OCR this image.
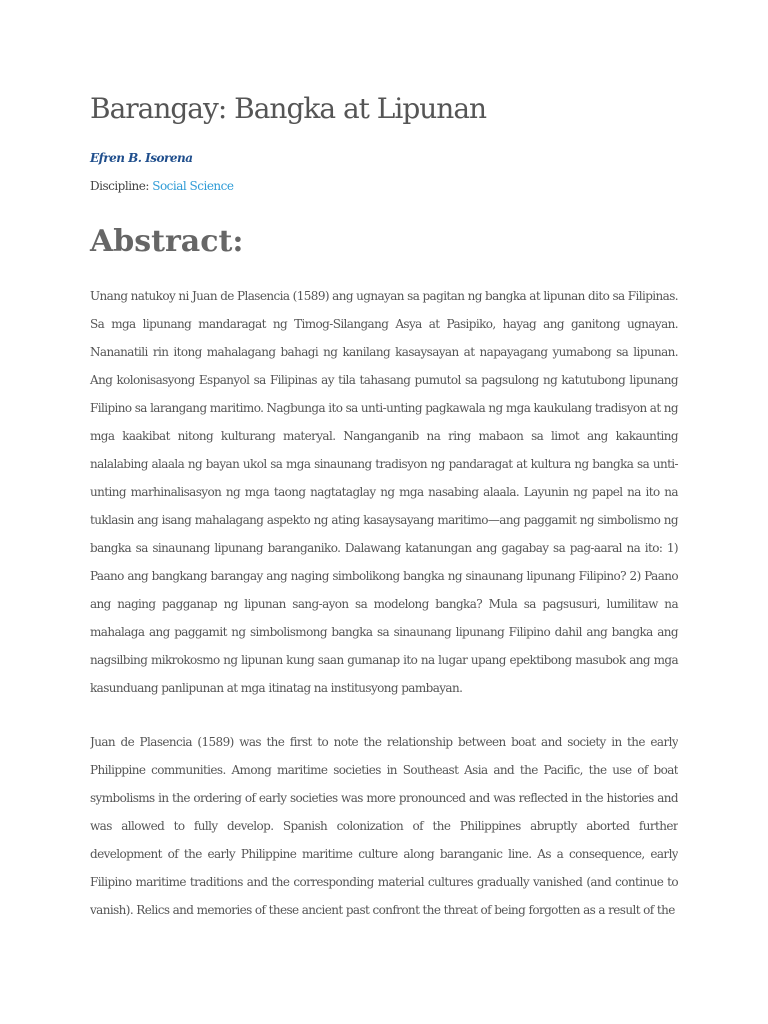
Barangay: Bangka at Lipunan
Efren B. Isorena
Discipline: Social Science
Abstract:

Unang natukoy ni Juan de Plasencia (1589) ang ugnayan sa pagitan ng bangka at lipunan dito sa Filipinas. Sa mga lipunang mandaragat ng Timog-Silangang Asya at Pasipiko, hayag ang ganitong ugnayan. Nananatili rin itong mahalagang bahagi ng kanilang kasaysayan at napayagang yumabong sa lipunan. Ang kolonisasyong Espanyol sa Filipinas ay tila tahasang pumutol sa pagsulong ng katutubong lipunang Filipino sa larangang maritimo. Nagbunga ito sa unti-unting pagkawala ng mga kaukulang tradisyon at ng mga kaakibat nitong kulturang materyal. Nanganganib na ring mabaon sa limot ang kakaunting nalalabing alaala ng bayan ukol sa mga sinaunang tradisyon ng pandaragat at kultura ng bangka sa unti-unting marhinalisasyon ng mga taong nagtataglay ng mga nasabing alaala. Layunin ng papel na ito na tuklasin ang isang mahalagang aspekto ng ating kasaysayang maritimo—ang paggamit ng simbolismo ng bangka sa sinaunang lipunang baranganiko. Dalawang katanungan ang gagabay sa pag-aaral na ito: 1) Paano ang bangkang barangay ang naging simbolikong bangka ng sinaunang lipunang Filipino? 2) Paano ang naging pagganap ng lipunan sang-ayon sa modelong bangka? Mula sa pagsusuri, lumilitaw na mahalaga ang paggamit ng simbolismong bangka sa sinaunang lipunang Filipino dahil ang bangka ang nagsilbing mikrokosmo ng lipunan kung saan gumanap ito na lugar upang epektibong masubok ang mga kasunduang panlipunan at mga itinatag na institusyong pambayan.

Juan de Plasencia (1589) was the first to note the relationship between boat and society in the early Philippine communities. Among maritime societies in Southeast Asia and the Pacific, the use of boat symbolisms in the ordering of early societies was more pronounced and was reflected in the histories and was allowed to fully develop. Spanish colonization of the Philippines abruptly aborted further development of the early Philippine maritime culture along baranganic line. As a consequence, early Filipino maritime traditions and the corresponding material cultures gradually vanished (and continue to vanish). Relics and memories of these ancient past confront the threat of being forgotten as a result of the
